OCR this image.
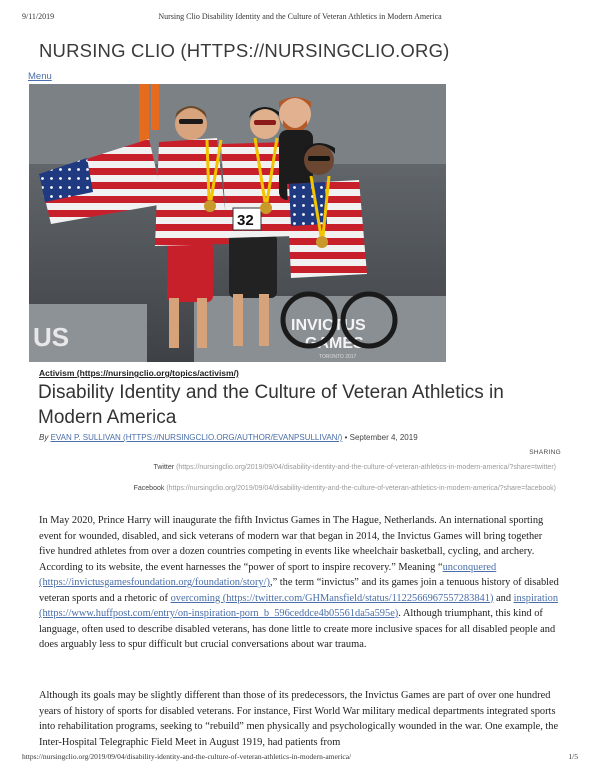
9/11/2019	Nursing Clio Disability Identity and the Culture of Veteran Athletics in Modern America
NURSING CLIO (HTTPS://NURSINGCLIO.ORG)
Menu
US	INVICTUS
GAMES
TORONTO 2017
32
Activism (https://nursingclio.org/topics/activism/)
Disability Identity and the Culture of Veteran Athletics in Modern America
By EVAN P. SULLIVAN (HTTPS://NURSINGCLIO.ORG/AUTHOR/EVANPSULLIVAN/) • September 4, 2019
SHARING
Twitter (https://nursingclio.org/2019/09/04/disability-identity-and-the-culture-of-veteran-athletics-in-modern-america/?share=twitter)
Facebook (https://nursingclio.org/2019/09/04/disability-identity-and-the-culture-of-veteran-athletics-in-modern-america/?share=facebook)

In May 2020, Prince Harry will inaugurate the fifth Invictus Games in The Hague, Netherlands. An international sporting event for wounded, disabled, and sick veterans of modern war that began in 2014, the Invictus Games will bring together five hundred athletes from over a dozen countries competing in events like wheelchair basketball, cycling, and archery. According to its website, the event harnesses the “power of sport to inspire recovery.” Meaning “unconquered (https://invictusgamesfoundation.org/foundation/story/),” the term “invictus” and its games join a tenuous history of disabled veteran sports and a rhetoric of overcoming (https://twitter.com/GHMansfield/status/1122566967557283841) and inspiration (https://www.huffpost.com/entry/on-inspiration-porn_b_596ceddce4b05561da5a595e). Although triumphant, this kind of language, often used to describe disabled veterans, has done little to create more inclusive spaces for all disabled people and does arguably less to spur difficult but crucial conversations about war trauma.

Although its goals may be slightly different than those of its predecessors, the Invictus Games are part of over one hundred years of history of sports for disabled veterans. For instance, First World War military medical departments integrated sports into rehabilitation programs, seeking to “rebuild” men physically and psychologically wounded in the war. One example, the Inter-Hospital Telegraphic Field Meet in August 1919, had patients from

https://nursingclio.org/2019/09/04/disability-identity-and-the-culture-of-veteran-athletics-in-modern-america/	1/5
